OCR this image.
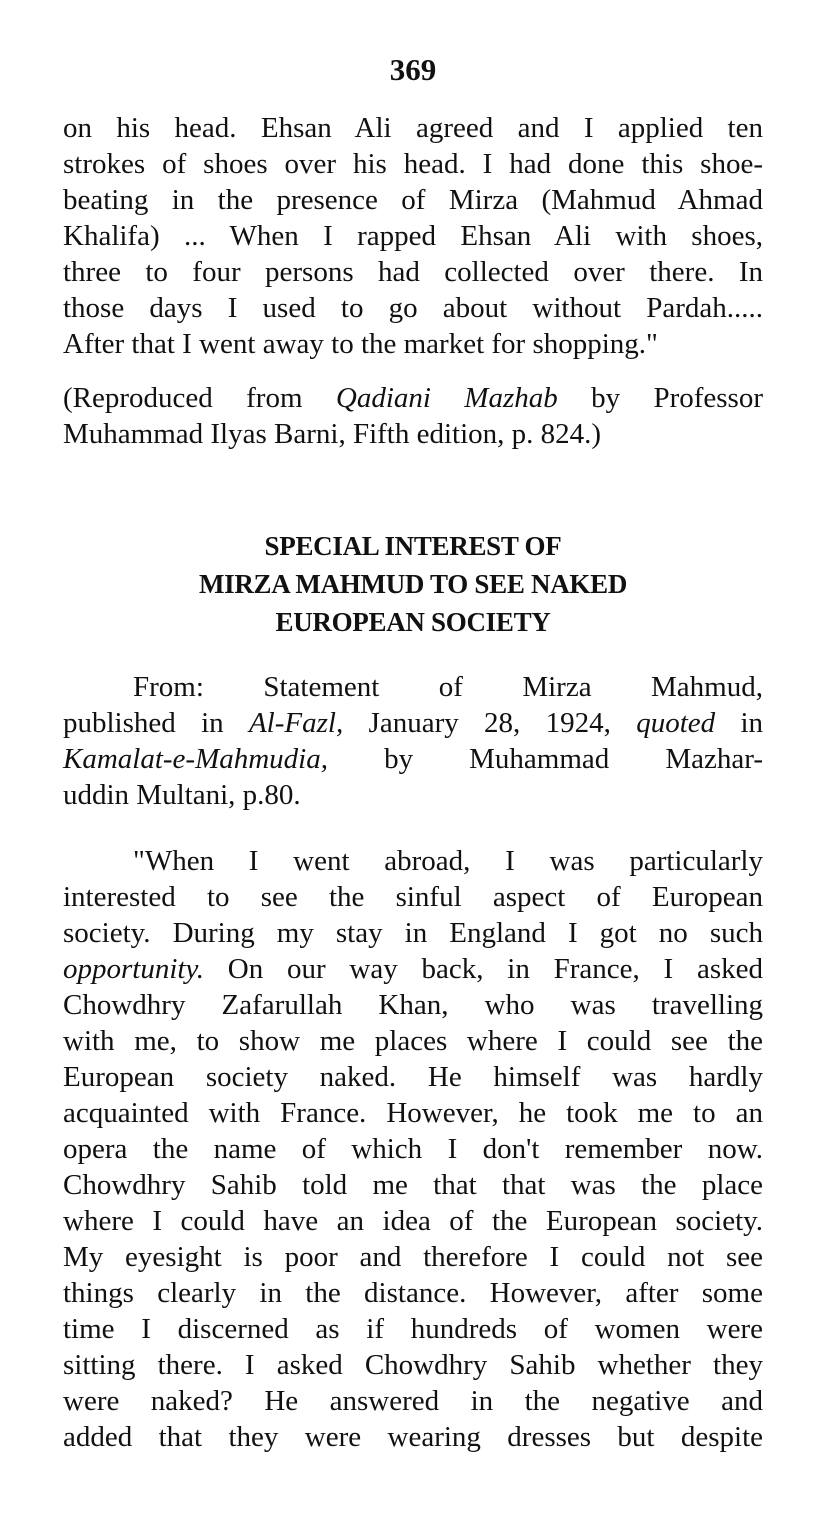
369

on his head. Ehsan Ali agreed and I applied ten
strokes of shoes over his head. I had done this shoe-
beating in the presence of Mirza (Mahmud Ahmad
Khalifa) ... When I rapped Ehsan Ali with shoes,
three to four persons had collected over there. In
those days I used to go about without Pardah.....
After that I went away to the market for shopping."

(Reproduced from Qadiani Mazhab by Professor
Muhammad Ilyas Barni, Fifth edition, p. 824.)

SPECIAL INTEREST OF
MIRZA MAHMUD TO SEE NAKED
EUROPEAN SOCIETY

From: Statement of Mirza Mahmud,
published in Al-Fazl, January 28, 1924, quoted in
Kamalat-e-Mahmudia, by Muhammad Mazhar-
uddin Multani, p.80.

"When I went abroad, I was particularly
interested to see the sinful aspect of European
society. During my stay in England I got no such
opportunity. On our way back, in France, I asked
Chowdhry Zafarullah Khan, who was travelling
with me, to show me places where I could see the
European society naked. He himself was hardly
acquainted with France. However, he took me to an
opera the name of which I don't remember now.
Chowdhry Sahib told me that that was the place
where I could have an idea of the European society.
My eyesight is poor and therefore I could not see
things clearly in the distance. However, after some
time I discerned as if hundreds of women were
sitting there. I asked Chowdhry Sahib whether they
were naked? He answered in the negative and
added that they were wearing dresses but despite
